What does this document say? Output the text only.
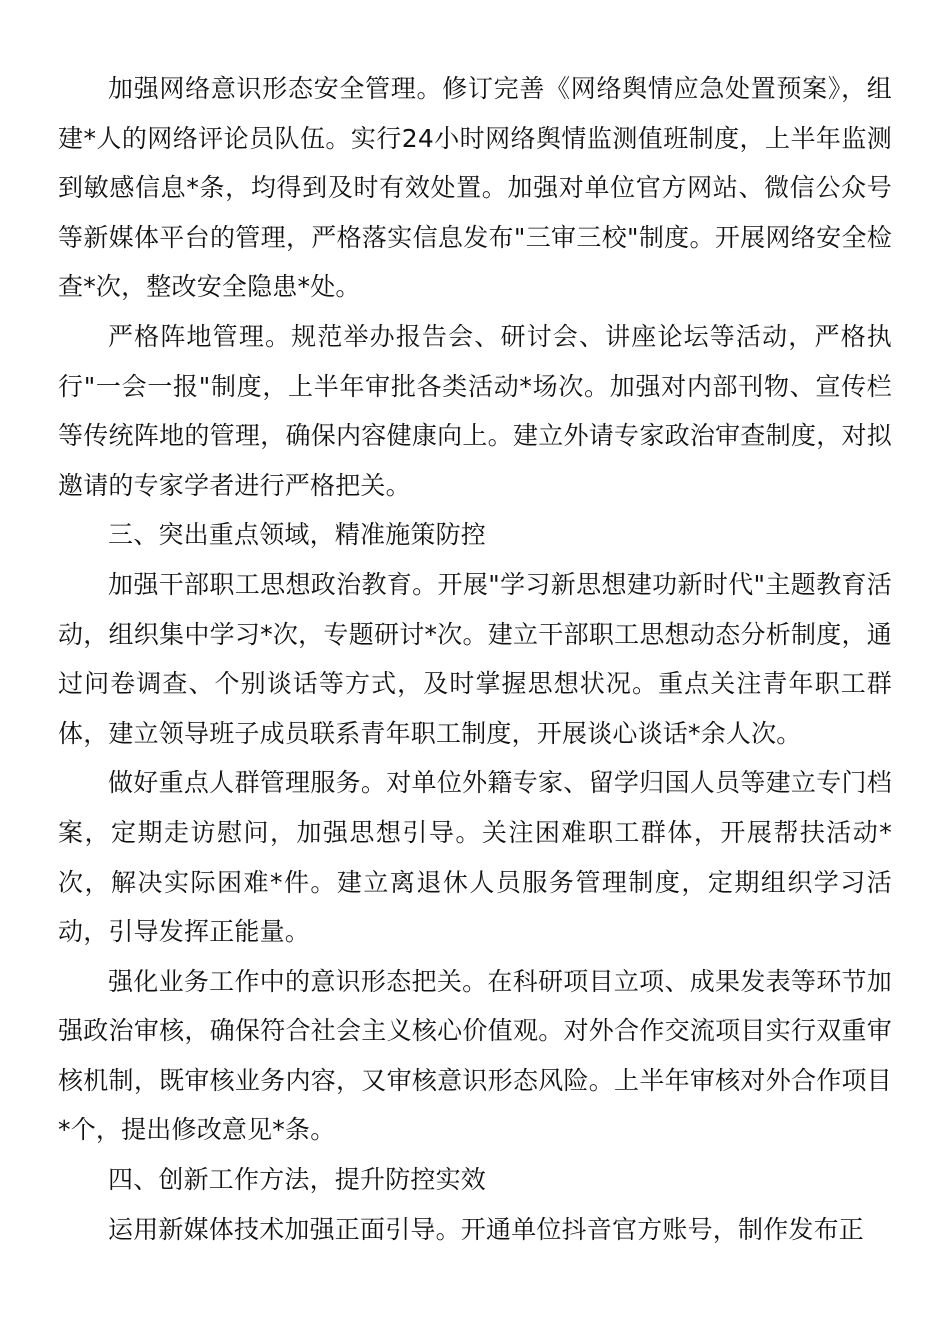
加强网络意识形态安全管理。修订完善《网络舆情应急处置预案》，组建*人的网络评论员队伍。实行24小时网络舆情监测值班制度，上半年监测到敏感信息*条，均得到及时有效处置。加强对单位官方网站、微信公众号等新媒体平台的管理，严格落实信息发布"三审三校"制度。开展网络安全检查*次，整改安全隐患*处。

严格阵地管理。规范举办报告会、研讨会、讲座论坛等活动，严格执行"一会一报"制度，上半年审批各类活动*场次。加强对内部刊物、宣传栏等传统阵地的管理，确保内容健康向上。建立外请专家政治审查制度，对拟邀请的专家学者进行严格把关。

三、突出重点领域，精准施策防控

加强干部职工思想政治教育。开展"学习新思想建功新时代"主题教育活动，组织集中学习*次，专题研讨*次。建立干部职工思想动态分析制度，通过问卷调查、个别谈话等方式，及时掌握思想状况。重点关注青年职工群体，建立领导班子成员联系青年职工制度，开展谈心谈话*余人次。

做好重点人群管理服务。对单位外籍专家、留学归国人员等建立专门档案，定期走访慰问，加强思想引导。关注困难职工群体，开展帮扶活动*次，解决实际困难*件。建立离退休人员服务管理制度，定期组织学习活动，引导发挥正能量。

强化业务工作中的意识形态把关。在科研项目立项、成果发表等环节加强政治审核，确保符合社会主义核心价值观。对外合作交流项目实行双重审核机制，既审核业务内容，又审核意识形态风险。上半年审核对外合作项目*个，提出修改意见*条。

四、创新工作方法，提升防控实效

运用新媒体技术加强正面引导。开通单位抖音官方账号，制作发布正
